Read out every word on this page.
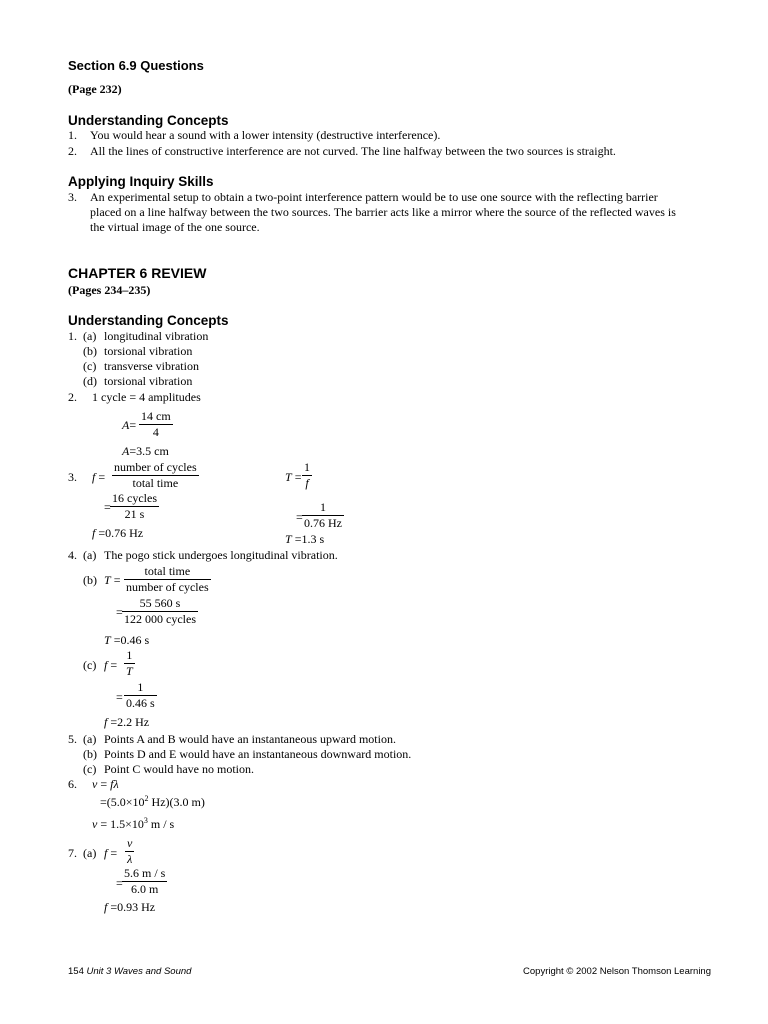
Section 6.9 Questions
(Page 232)
Understanding Concepts
1. You would hear a sound with a lower intensity (destructive interference).
2. All the lines of constructive interference are not curved. The line halfway between the two sources is straight.
Applying Inquiry Skills
3. An experimental setup to obtain a two-point interference pattern would be to use one source with the reflecting barrier
placed on a line halfway between the two sources. The barrier acts like a mirror where the source of the reflected waves is
the virtual image of the one source.
CHAPTER 6 REVIEW
(Pages 234–235)
Understanding Concepts
1. (a) longitudinal vibration
(b) torsional vibration
(c) transverse vibration
(d) torsional vibration
2. 1 cycle = 4 amplitudes
A=
14 cm
4
A=3.5 cm
3. f =
number of cycles
total time
=
16 cycles
21 s
f =0.76 Hz
T =
1
f
=
1
0.76 Hz
T =1.3 s
4. (a) The pogo stick undergoes longitudinal vibration.
(b) T =
total time
number of cycles
=
55 560 s
122 000 cycles
T =0.46 s
(c) f =
1
T
=
1
0.46 s
f =2.2 Hz
5. (a) Points A and B would have an instantaneous upward motion.
(b) Points D and E would have an instantaneous downward motion.
(c) Point C would have no motion.
6. v = fλ
$=(5.0\times 10^2$ Hz)(3.0 m)
$v = 1.5\times 10^3$ m / s
7. (a) f =
v
λ
=
5.6 m / s
6.0 m
f =0.93 Hz
154 Unit 3 Waves and Sound	Copyright © 2002 Nelson Thomson Learning
